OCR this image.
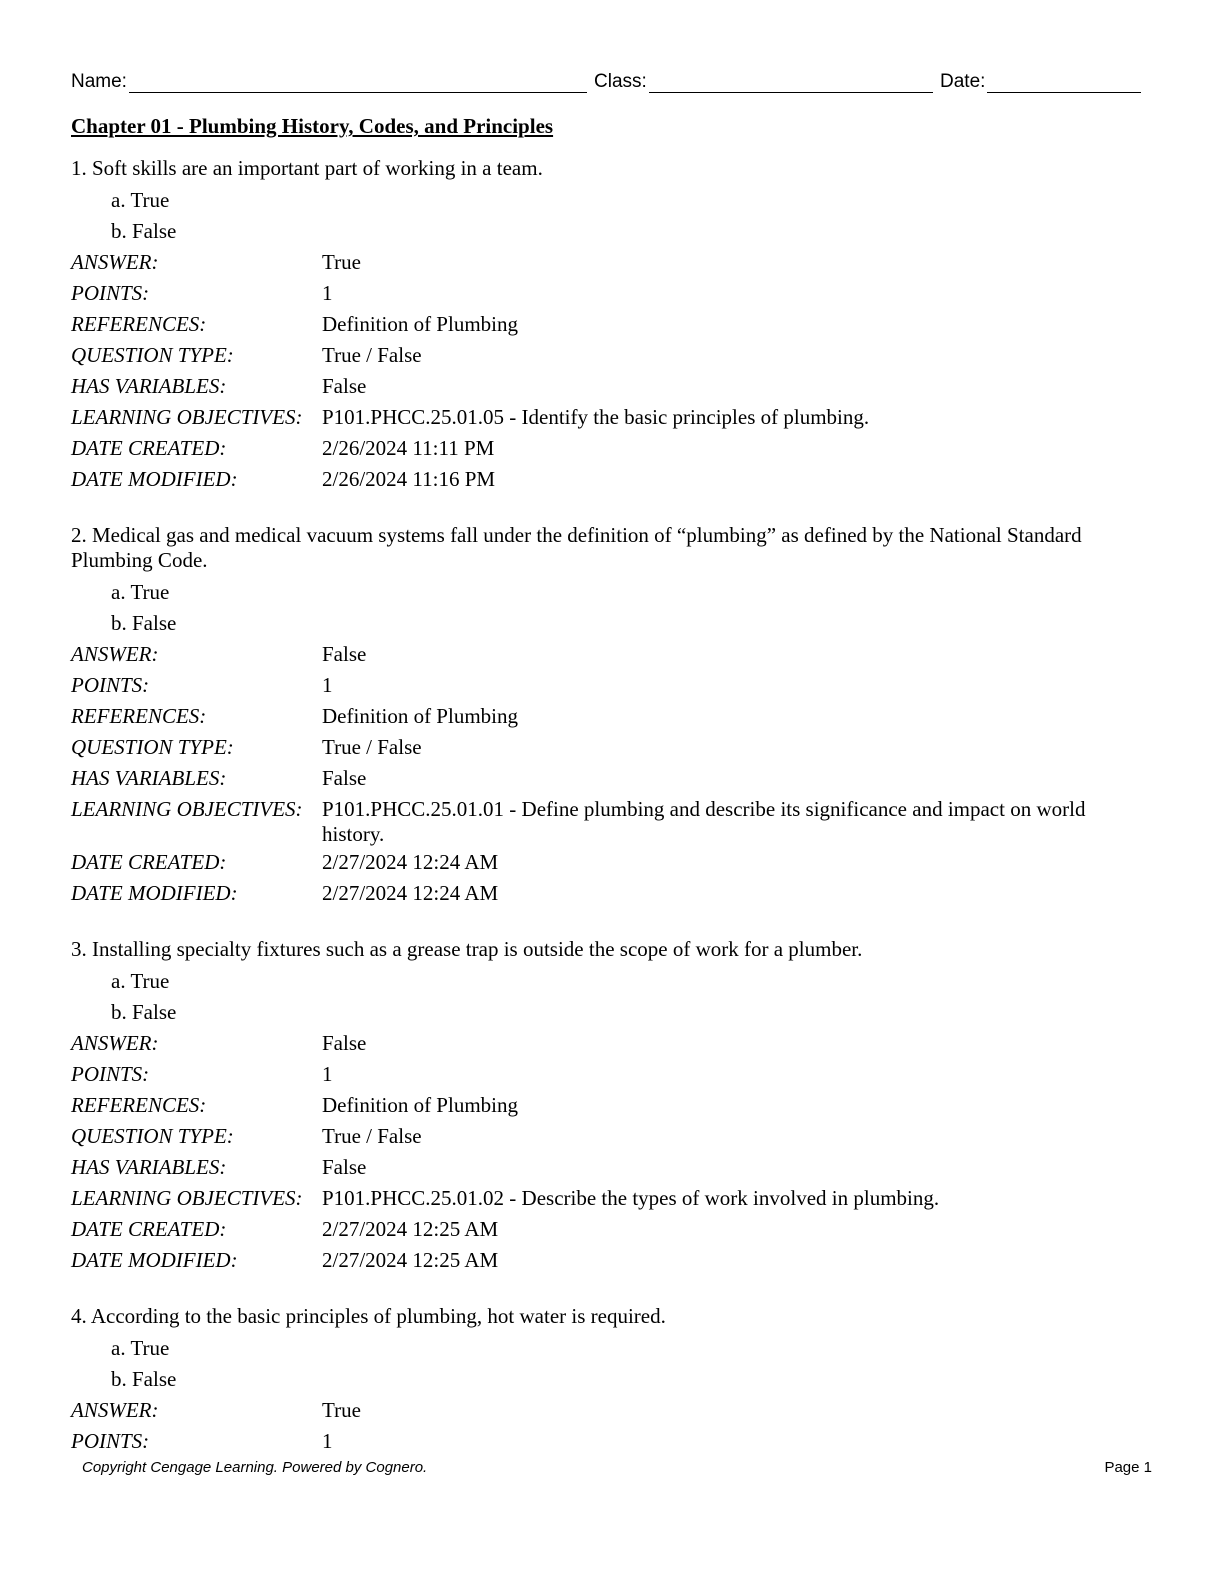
Name:	Class:	Date:
Chapter 01 - Plumbing History, Codes, and Principles
1. Soft skills are an important part of working in a team.
a. True
b. False
ANSWER:	True
POINTS:	1
REFERENCES:	Definition of Plumbing
QUESTION TYPE:	True / False
HAS VARIABLES:	False
LEARNING OBJECTIVES: P101.PHCC.25.01.05 - Identify the basic principles of plumbing.
DATE CREATED:	2/26/2024 11:11 PM
DATE MODIFIED:	2/26/2024 11:16 PM
2. Medical gas and medical vacuum systems fall under the definition of “plumbing” as defined by the National Standard Plumbing Code.
a. True
b. False
ANSWER:	False
POINTS:	1
REFERENCES:	Definition of Plumbing
QUESTION TYPE:	True / False
HAS VARIABLES:	False
LEARNING OBJECTIVES: P101.PHCC.25.01.01 - Define plumbing and describe its significance and impact on world history.
DATE CREATED:	2/27/2024 12:24 AM
DATE MODIFIED:	2/27/2024 12:24 AM
3. Installing specialty fixtures such as a grease trap is outside the scope of work for a plumber.
a. True
b. False
ANSWER:	False
POINTS:	1
REFERENCES:	Definition of Plumbing
QUESTION TYPE:	True / False
HAS VARIABLES:	False
LEARNING OBJECTIVES: P101.PHCC.25.01.02 - Describe the types of work involved in plumbing.
DATE CREATED:	2/27/2024 12:25 AM
DATE MODIFIED:	2/27/2024 12:25 AM
4. According to the basic principles of plumbing, hot water is required.
a. True
b. False
ANSWER:	True
POINTS:	1
Copyright Cengage Learning. Powered by Cognero.	Page 1
